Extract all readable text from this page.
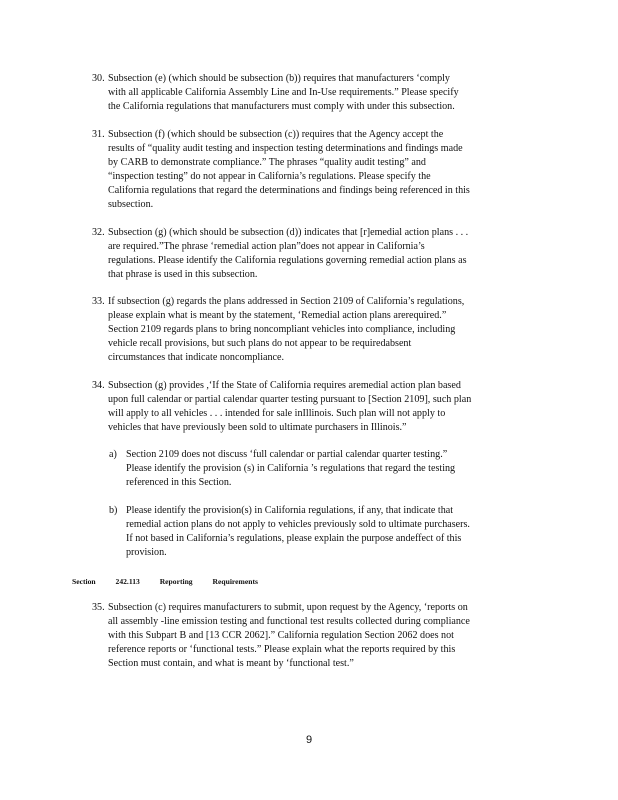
30. Subsection (e) (which should be subsection (b)) requires that manufacturers ‘comply
with all applicable California Assembly Line and In-Use requirements.” Please specify
the California regulations that manufacturers must comply with under this subsection.
31. Subsection (f) (which should be subsection (c)) requires that the Agency accept the
results of “quality audit testing and inspection testing determinations and findings made
by CARB to demonstrate compliance.” The phrases “quality audit testing” and
“inspection testing” do not appear in California’s regulations. Please specify the
California regulations that regard the determinations and findings being referenced in this
subsection.
32. Subsection (g) (which should be subsection (d)) indicates that [r]emedial action plans . . .
are required.”The phrase ‘remedial action plan”does not appear in California’s
regulations. Please identify the California regulations governing remedial action plans as
that phrase is used in this subsection.
33. If subsection (g) regards the plans addressed in Section 2109 of California’s regulations,
please explain what is meant by the statement, ‘Remedial action plans arerequired.”
Section 2109 regards plans to bring noncompliant vehicles into compliance, including
vehicle recall provisions, but such plans do not appear to be requiredabsent
circumstances that indicate noncompliance.
34. Subsection (g) provides ,‘If the State of California requires aremedial action plan based
upon full calendar or partial calendar quarter testing pursuant to [Section 2109], such plan
will apply to all vehicles . . . intended for sale inIllinois. Such plan will not apply to
vehicles that have previously been sold to ultimate purchasers in Illinois.”
a) Section 2109 does not discuss ‘full calendar or partial calendar quarter testing.”
Please identify the provision (s) in California ’s regulations that regard the testing
referenced in this Section.
b) Please identify the provision(s) in California regulations, if any, that indicate that
remedial action plans do not apply to vehicles previously sold to ultimate purchasers.
If not based in California’s regulations, please explain the purpose andeffect of this
provision.
Section	242.113	Reporting	Requirements
35. Subsection (c) requires manufacturers to submit, upon request by the Agency, ‘reports on
all assembly -line emission testing and functional test results collected during compliance
with this Subpart B and [13 CCR 2062].” California regulation Section 2062 does not
reference reports or ‘functional tests.” Please explain what the reports required by this
Section must contain, and what is meant by ‘functional test.”
9
